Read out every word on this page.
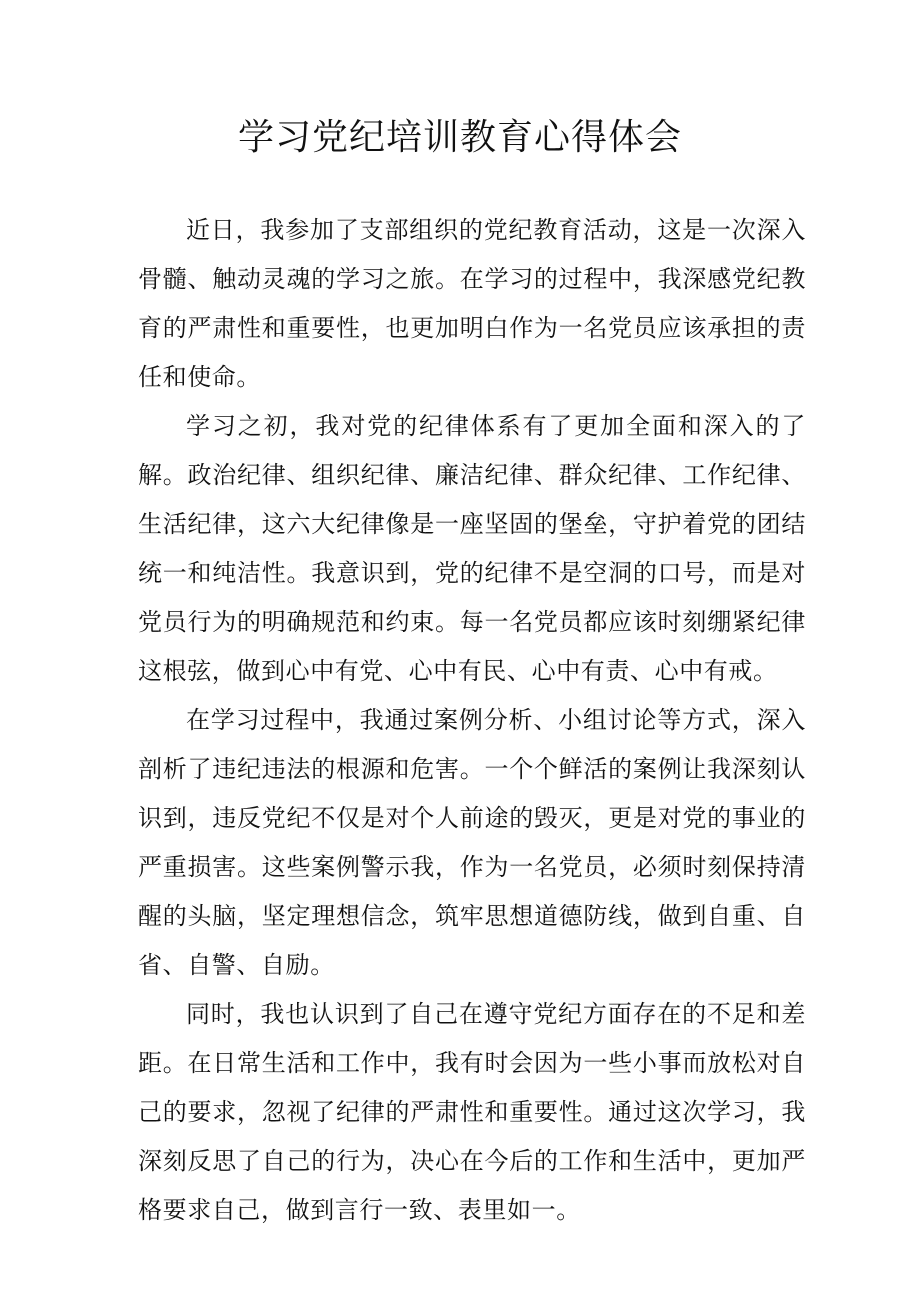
学习党纪培训教育心得体会

近日，我参加了支部组织的党纪教育活动，这是一次深入骨髓、触动灵魂的学习之旅。在学习的过程中，我深感党纪教育的严肃性和重要性，也更加明白作为一名党员应该承担的责任和使命。

学习之初，我对党的纪律体系有了更加全面和深入的了解。政治纪律、组织纪律、廉洁纪律、群众纪律、工作纪律、生活纪律，这六大纪律像是一座坚固的堡垒，守护着党的团结统一和纯洁性。我意识到，党的纪律不是空洞的口号，而是对党员行为的明确规范和约束。每一名党员都应该时刻绷紧纪律这根弦，做到心中有党、心中有民、心中有责、心中有戒。

在学习过程中，我通过案例分析、小组讨论等方式，深入剖析了违纪违法的根源和危害。一个个鲜活的案例让我深刻认识到，违反党纪不仅是对个人前途的毁灭，更是对党的事业的严重损害。这些案例警示我，作为一名党员，必须时刻保持清醒的头脑，坚定理想信念，筑牢思想道德防线，做到自重、自省、自警、自励。

同时，我也认识到了自己在遵守党纪方面存在的不足和差距。在日常生活和工作中，我有时会因为一些小事而放松对自己的要求，忽视了纪律的严肃性和重要性。通过这次学习，我深刻反思了自己的行为，决心在今后的工作和生活中，更加严格要求自己，做到言行一致、表里如一。
